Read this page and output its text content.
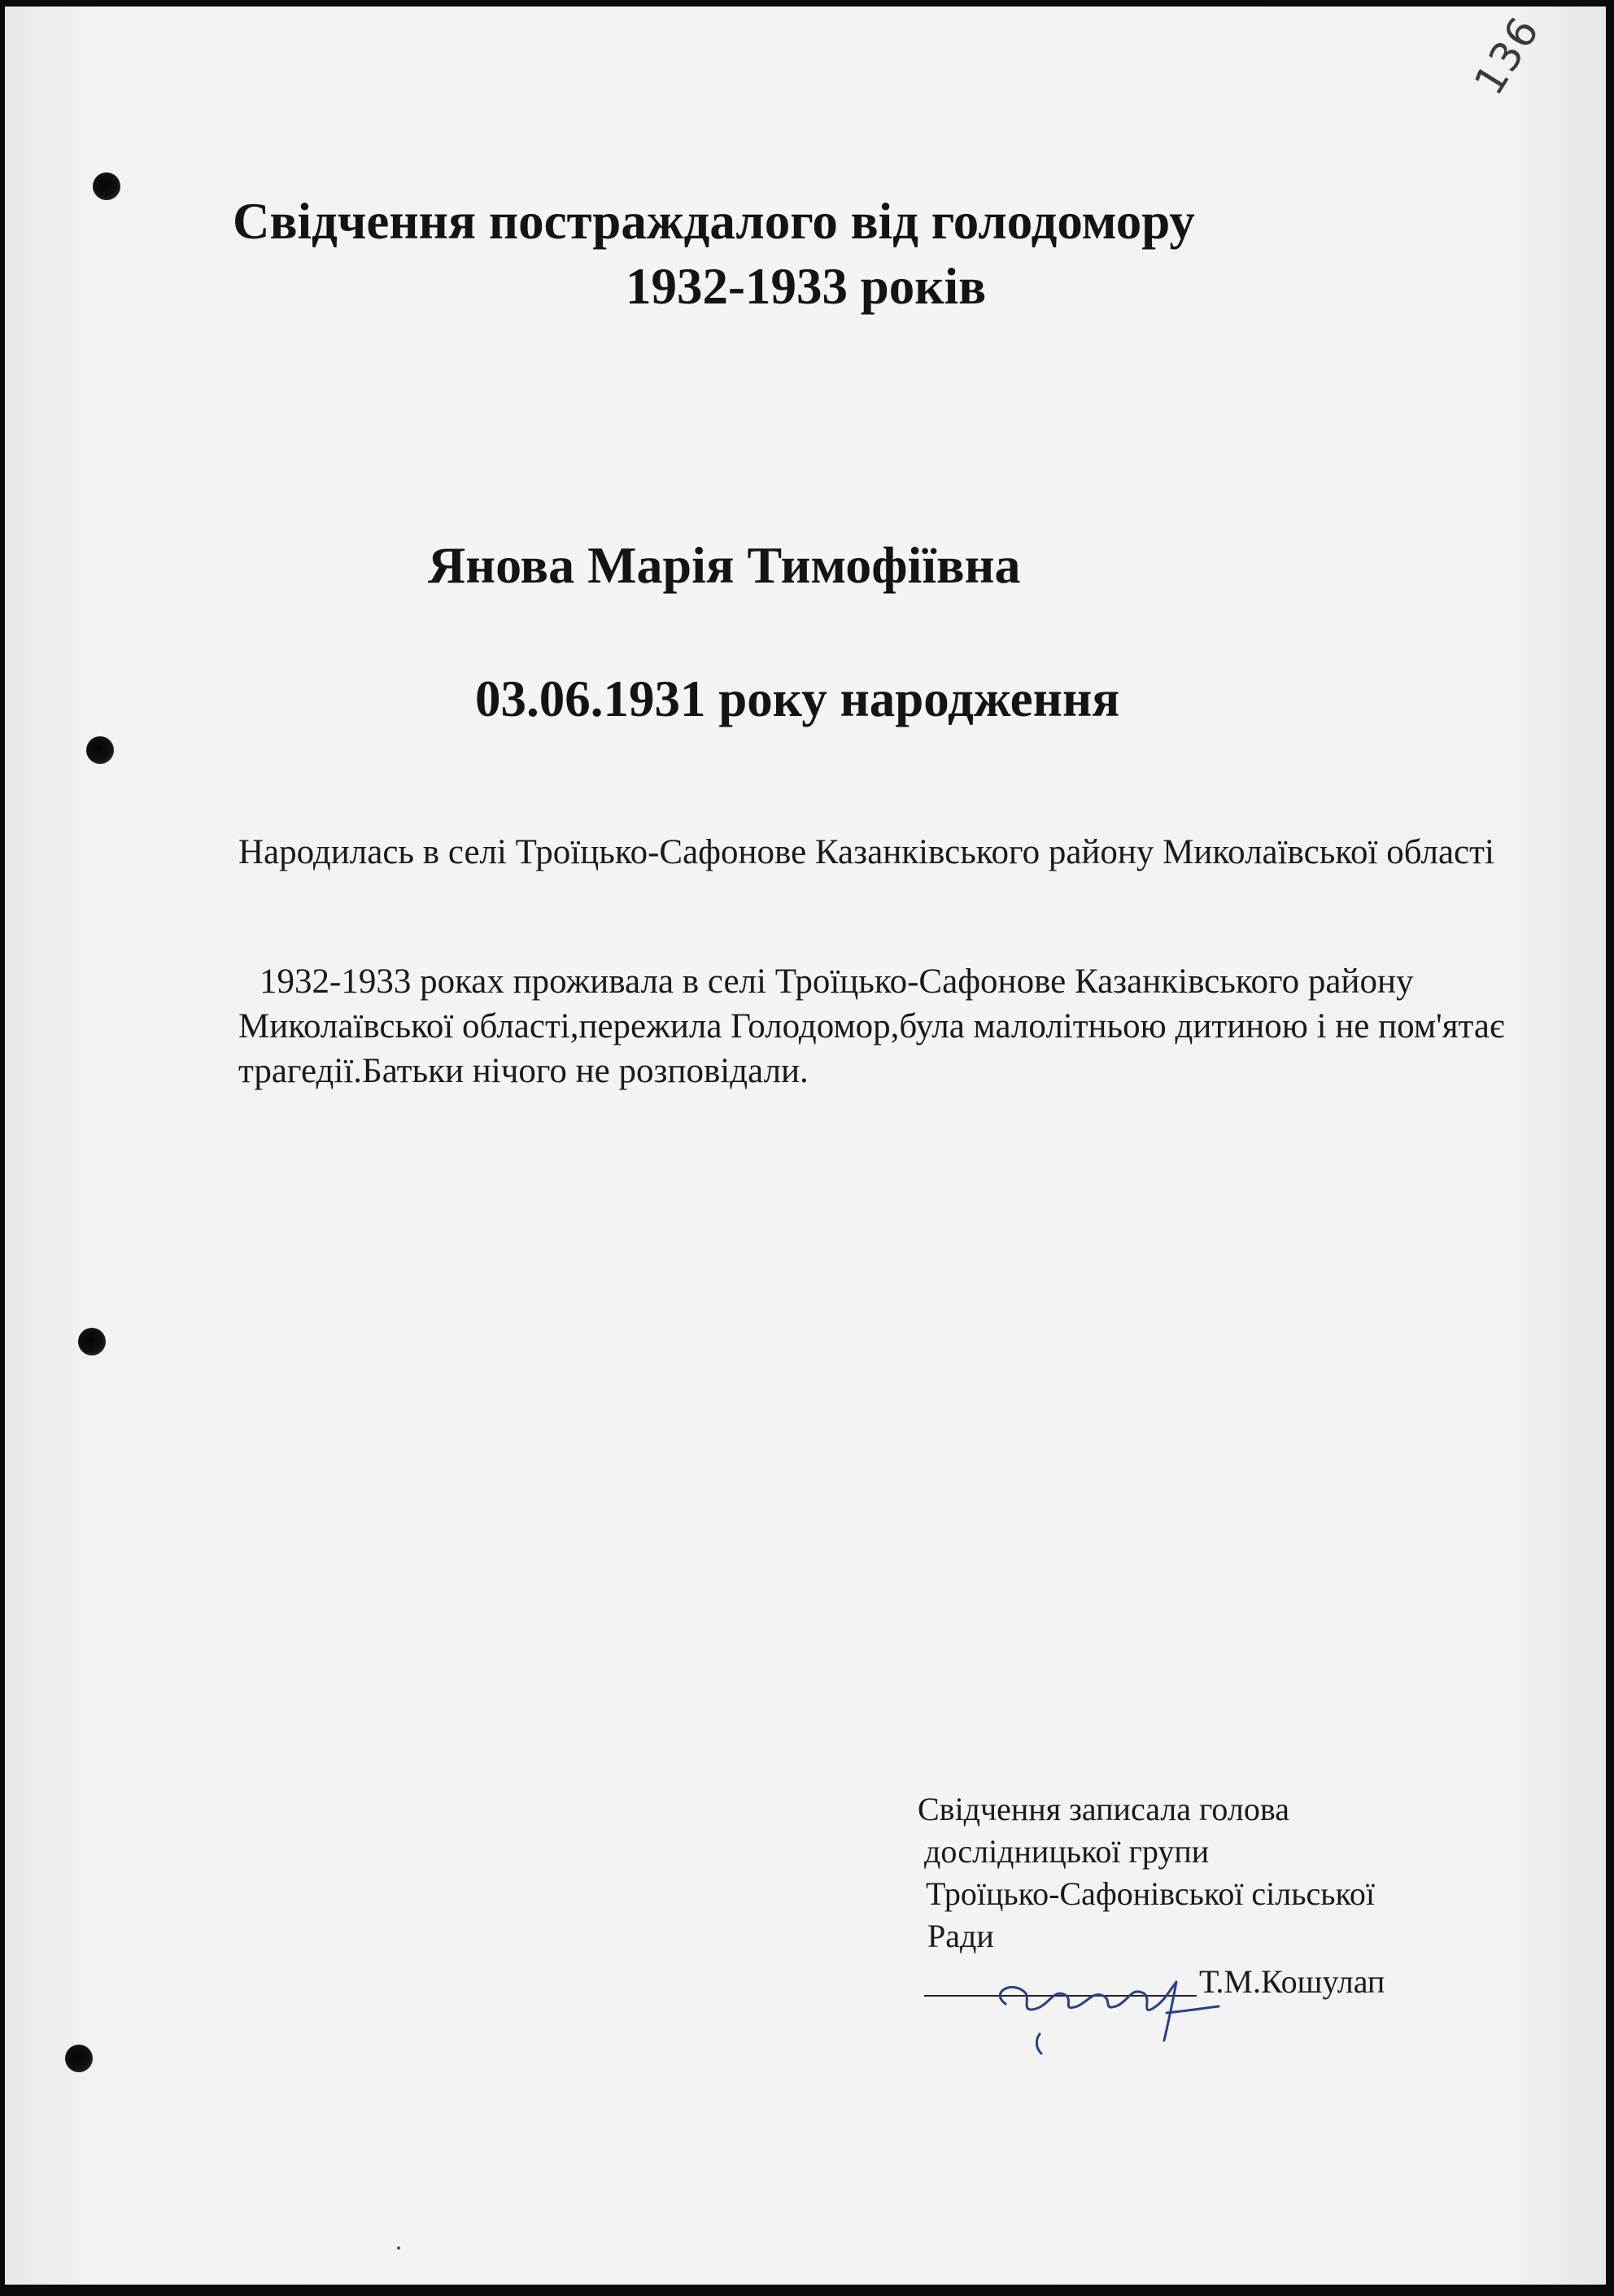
136
Свідчення постраждалого від голодомору
1932-1933 років
Янова Марія Тимофіївна
03.06.1931 року народження

Народилась в селі Троїцько-Сафонове Казанківського району Миколаївської області

1932-1933 роках проживала в селі Троїцько-Сафонове Казанківського району Миколаївської області,пережила Голодомор,була малолітньою дитиною і не пом'ятає трагедії.Батьки нічого не розповідали.

Свідчення записала голова
дослідницької групи
Троїцько-Сафонівської сільської
Ради
Т.М.Кошулап
